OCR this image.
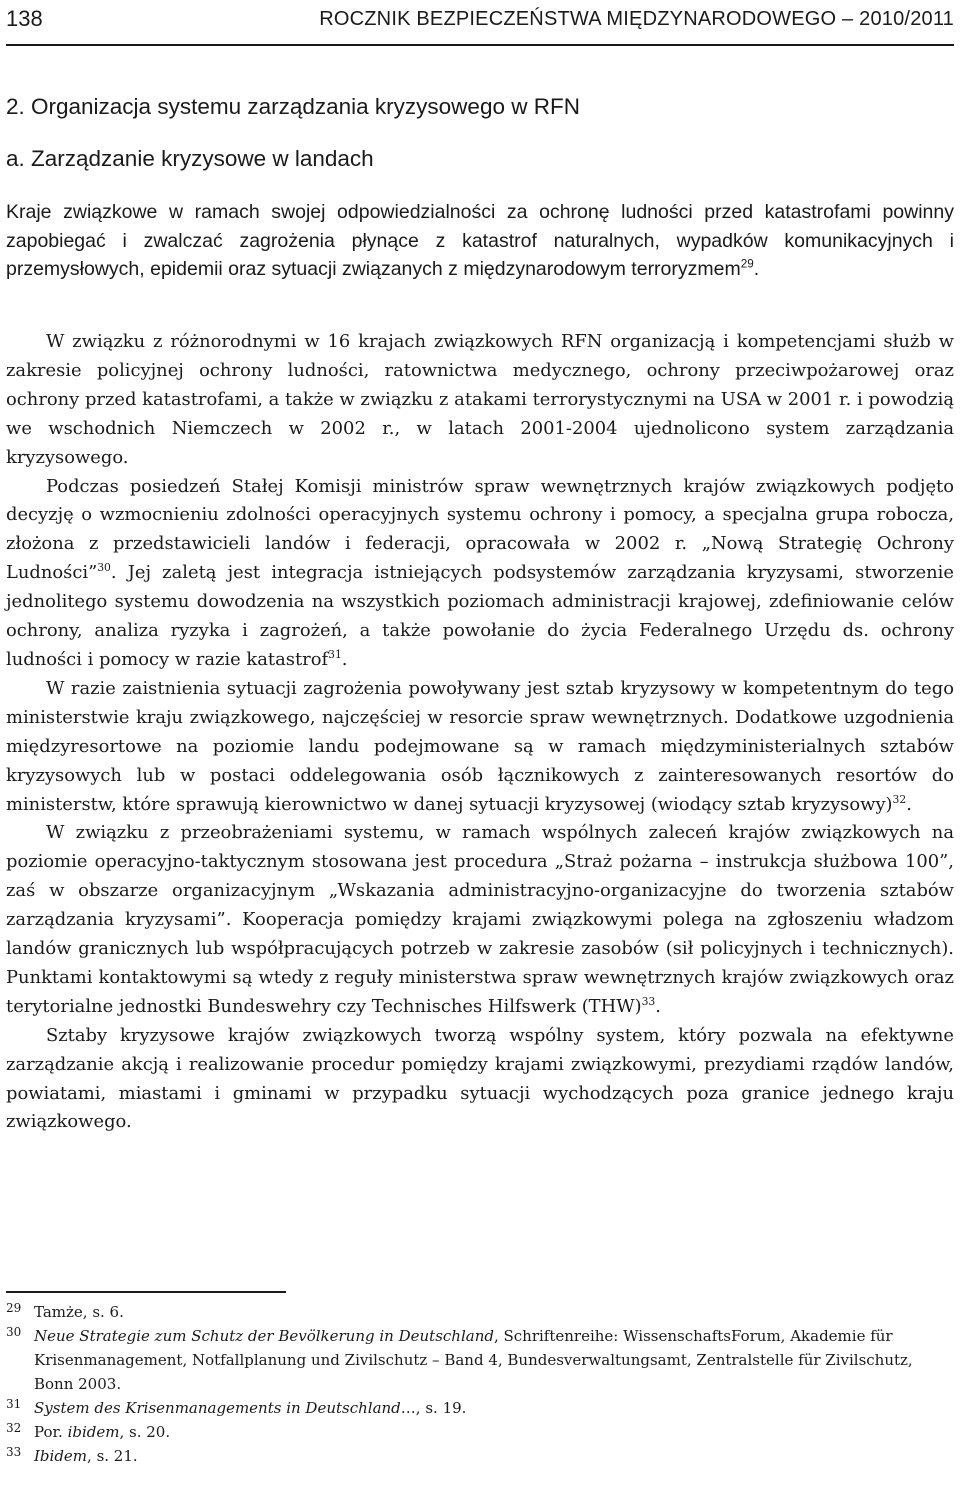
138	ROCZNIK BEZPIECZEŃSTWA MIĘDZYNARODOWEGO – 2010/2011
2. Organizacja systemu zarządzania kryzysowego w RFN
a. Zarządzanie kryzysowe w landach

Kraje związkowe w ramach swojej odpowiedzialności za ochronę ludności przed katastrofami powinny zapobiegać i zwalczać zagrożenia płynące z katastrof naturalnych, wypadków komunikacyjnych i przemysłowych, epidemii oraz sytuacji związanych z międzynarodowym terroryzmem$^{29}$.

W związku z różnorodnymi w 16 krajach związkowych RFN organizacją i kompetencjami służb w zakresie policyjnej ochrony ludności, ratownictwa medycznego, ochrony przeciwpożarowej oraz ochrony przed katastrofami, a także w związku z atakami terrorystycznymi na USA w 2001 r. i powodzią we wschodnich Niemczech w 2002 r., w latach 2001-2004 ujednolicono system zarządzania kryzysowego.

Podczas posiedzeń Stałej Komisji ministrów spraw wewnętrznych krajów związkowych podjęto decyzję o wzmocnieniu zdolności operacyjnych systemu ochrony i pomocy, a specjalna grupa robocza, złożona z przedstawicieli landów i federacji, opracowała w 2002 r. „Nową Strategię Ochrony Ludności”$^{30}$. Jej zaletą jest integracja istniejących podsystemów zarządzania kryzysami, stworzenie jednolitego systemu dowodzenia na wszystkich poziomach administracji krajowej, zdefiniowanie celów ochrony, analiza ryzyka i zagrożeń, a także powołanie do życia Federalnego Urzędu ds. ochrony ludności i pomocy w razie katastrof$^{31}$.

W razie zaistnienia sytuacji zagrożenia powoływany jest sztab kryzysowy w kompetentnym do tego ministerstwie kraju związkowego, najczęściej w resorcie spraw wewnętrznych. Dodatkowe uzgodnienia międzyresortowe na poziomie landu podejmowane są w ramach międzyministerialnych sztabów kryzysowych lub w postaci oddelegowania osób łącznikowych z zainteresowanych resortów do ministerstw, które sprawują kierownictwo w danej sytuacji kryzysowej (wiodący sztab kryzysowy)$^{32}$.

W związku z przeobrażeniami systemu, w ramach wspólnych zaleceń krajów związkowych na poziomie operacyjno-taktycznym stosowana jest procedura „Straż pożarna – instrukcja służbowa 100”, zaś w obszarze organizacyjnym „Wskazania administracyjno-organizacyjne do tworzenia sztabów zarządzania kryzysami”. Kooperacja pomiędzy krajami związkowymi polega na zgłoszeniu władzom landów granicznych lub współpracujących potrzeb w zakresie zasobów (sił policyjnych i technicznych). Punktami kontaktowymi są wtedy z reguły ministerstwa spraw wewnętrznych krajów związkowych oraz terytorialne jednostki Bundeswehry czy Technisches Hilfswerk (THW)$^{33}$.

Sztaby kryzysowe krajów związkowych tworzą wspólny system, który pozwala na efektywne zarządzanie akcją i realizowanie procedur pomiędzy krajami związkowymi, prezydiami rządów landów, powiatami, miastami i gminami w przypadku sytuacji wychodzących poza granice jednego kraju związkowego.

29 Tamże, s. 6.

30 Neue Strategie zum Schutz der Bevölkerung in Deutschland, Schriftenreihe: WissenschaftsForum, Akademie für Krisenmanagement, Notfallplanung und Zivilschutz – Band 4, Bundesverwaltungsamt, Zentralstelle für Zivilschutz, Bonn 2003.

31 System des Krisenmanagements in Deutschland…, s. 19.

32 Por. ibidem, s. 20.

33 Ibidem, s. 21.
